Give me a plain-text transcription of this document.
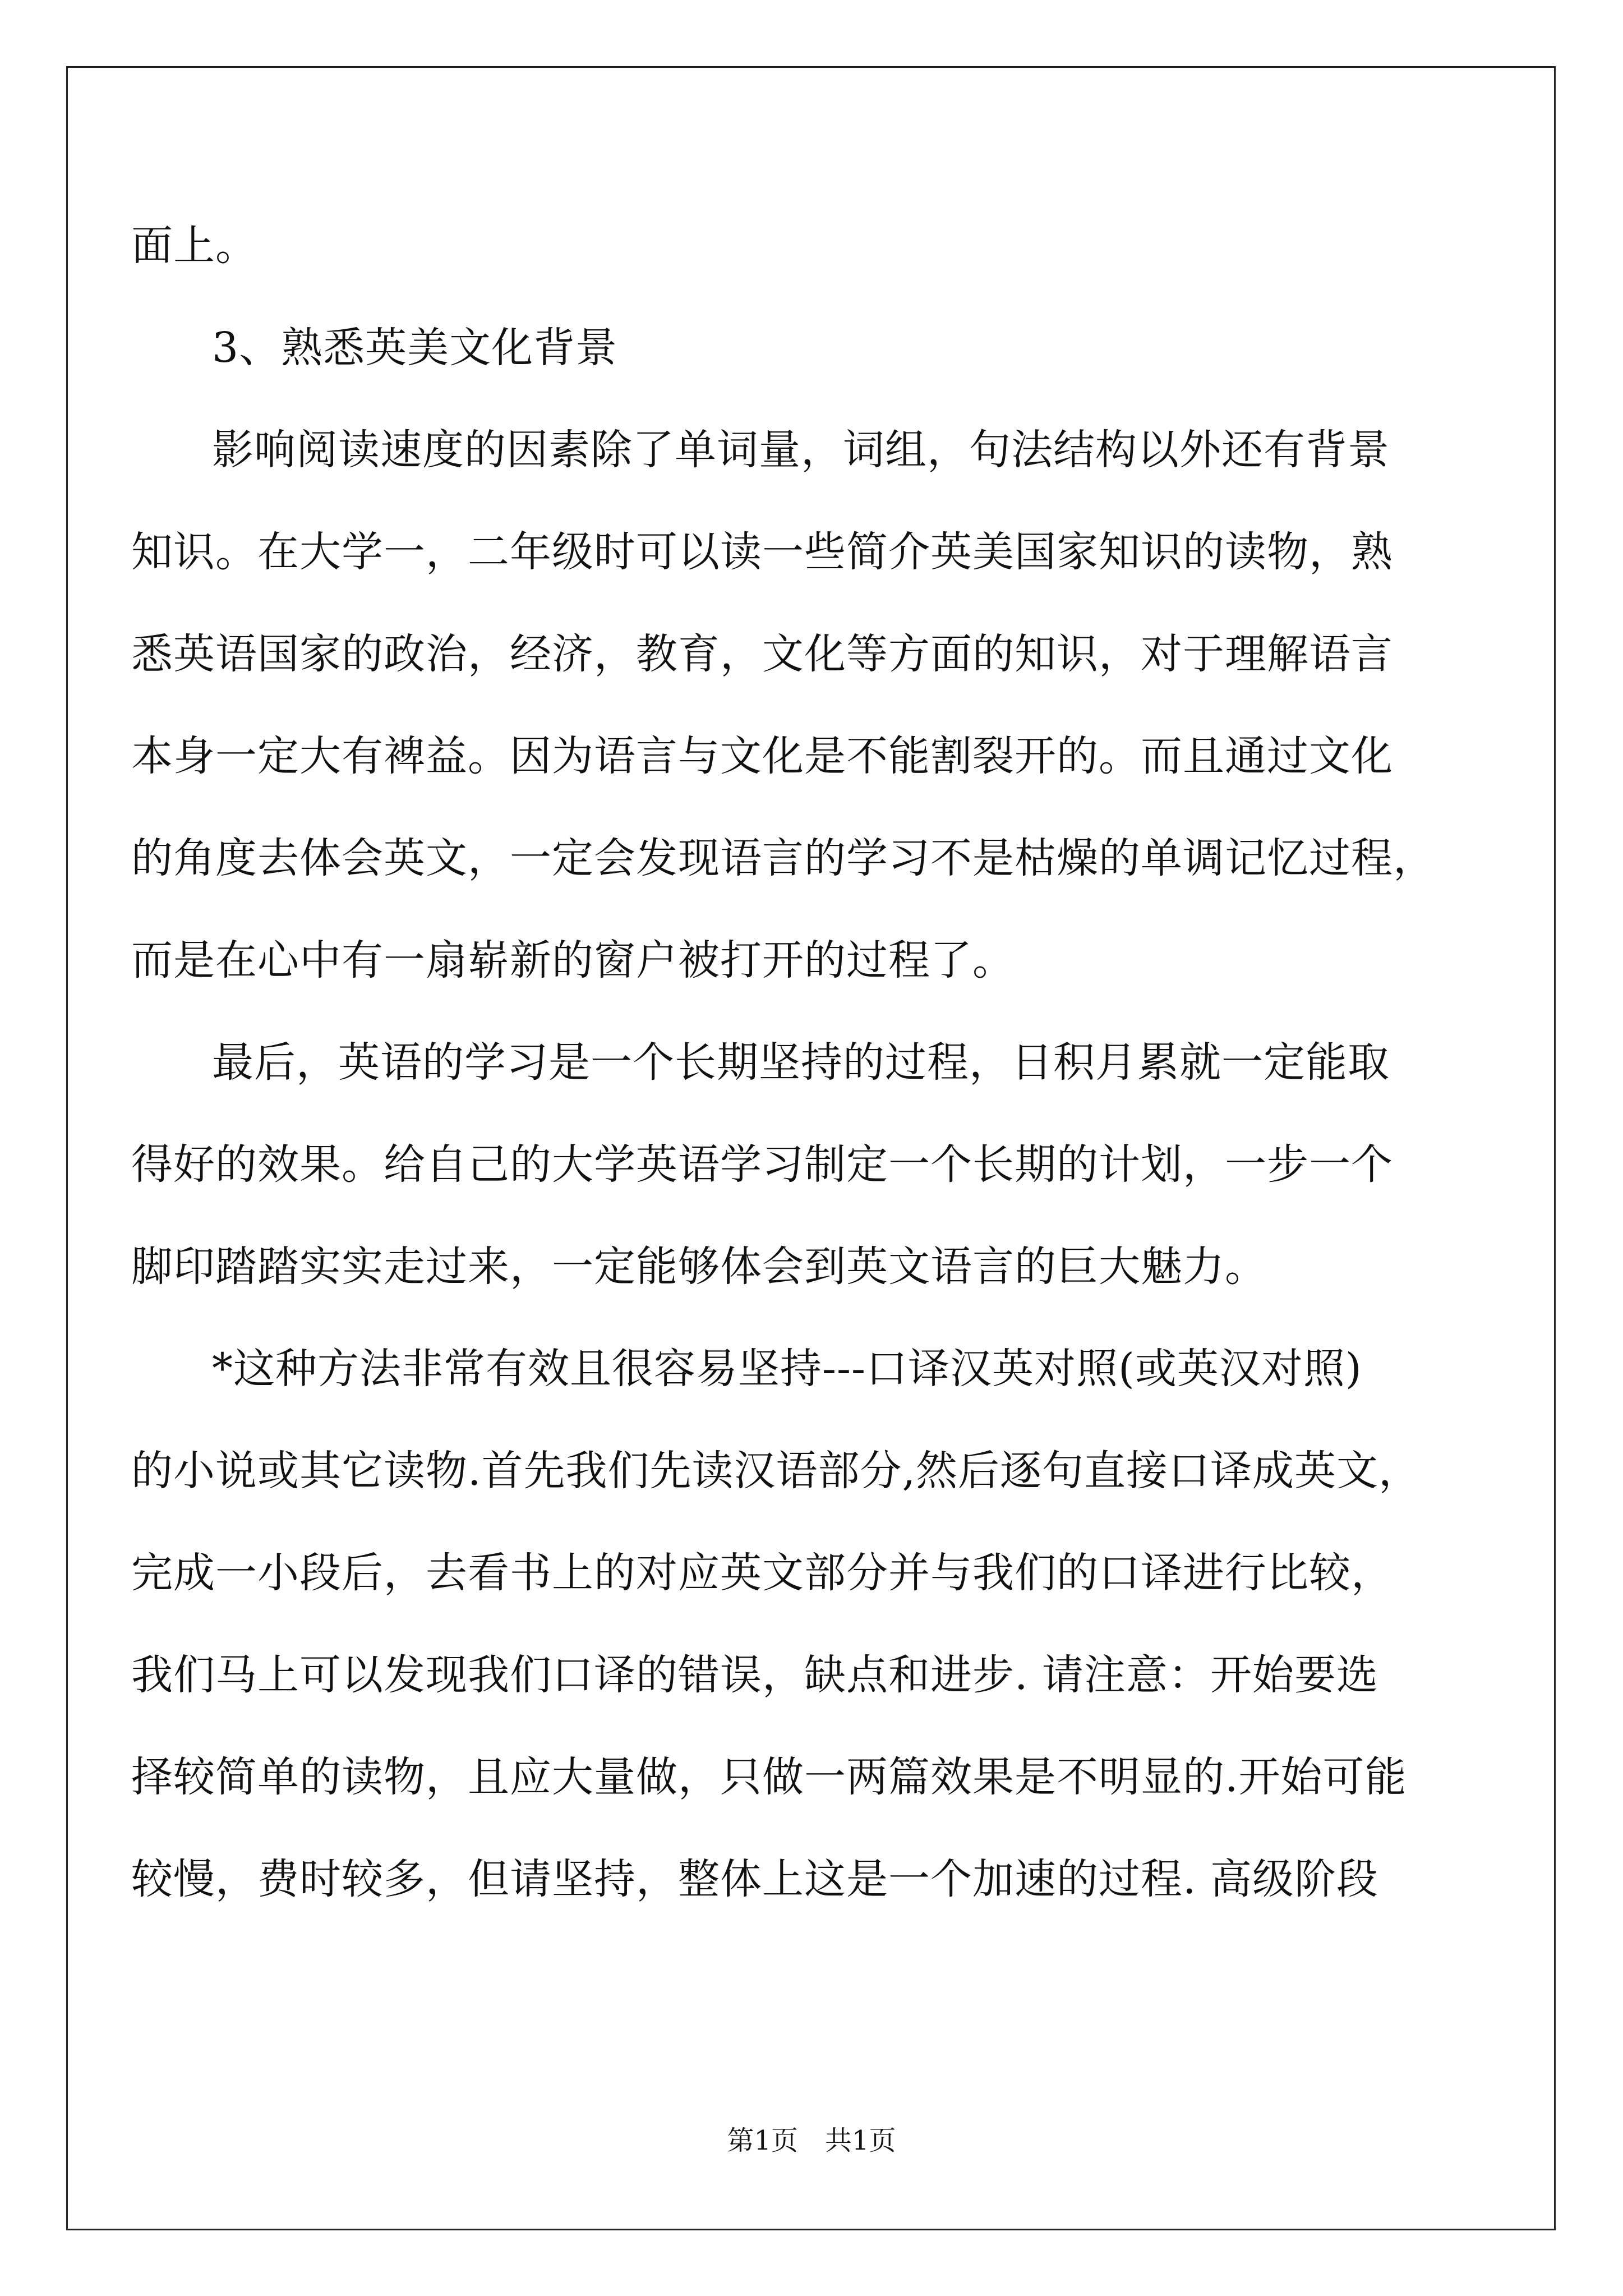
面上。
3、熟悉英美文化背景
影响阅读速度的因素除了单词量，词组，句法结构以外还有背景
知识。在大学一，二年级时可以读一些简介英美国家知识的读物，熟
悉英语国家的政治，经济，教育，文化等方面的知识，对于理解语言
本身一定大有裨益。因为语言与文化是不能割裂开的。而且通过文化
的角度去体会英文，一定会发现语言的学习不是枯燥的单调记忆过程，
而是在心中有一扇崭新的窗户被打开的过程了。
最后，英语的学习是一个长期坚持的过程，日积月累就一定能取
得好的效果。给自己的大学英语学习制定一个长期的计划，一步一个
脚印踏踏实实走过来，一定能够体会到英文语言的巨大魅力。
*这种方法非常有效且很容易坚持---口译汉英对照(或英汉对照)
的小说或其它读物.首先我们先读汉语部分,然后逐句直接口译成英文，
完成一小段后，去看书上的对应英文部分并与我们的口译进行比较，
我们马上可以发现我们口译的错误，缺点和进步. 请注意：开始要选
择较简单的读物，且应大量做，只做一两篇效果是不明显的.开始可能
较慢，费时较多，但请坚持，整体上这是一个加速的过程. 高级阶段
第1页　共1页
